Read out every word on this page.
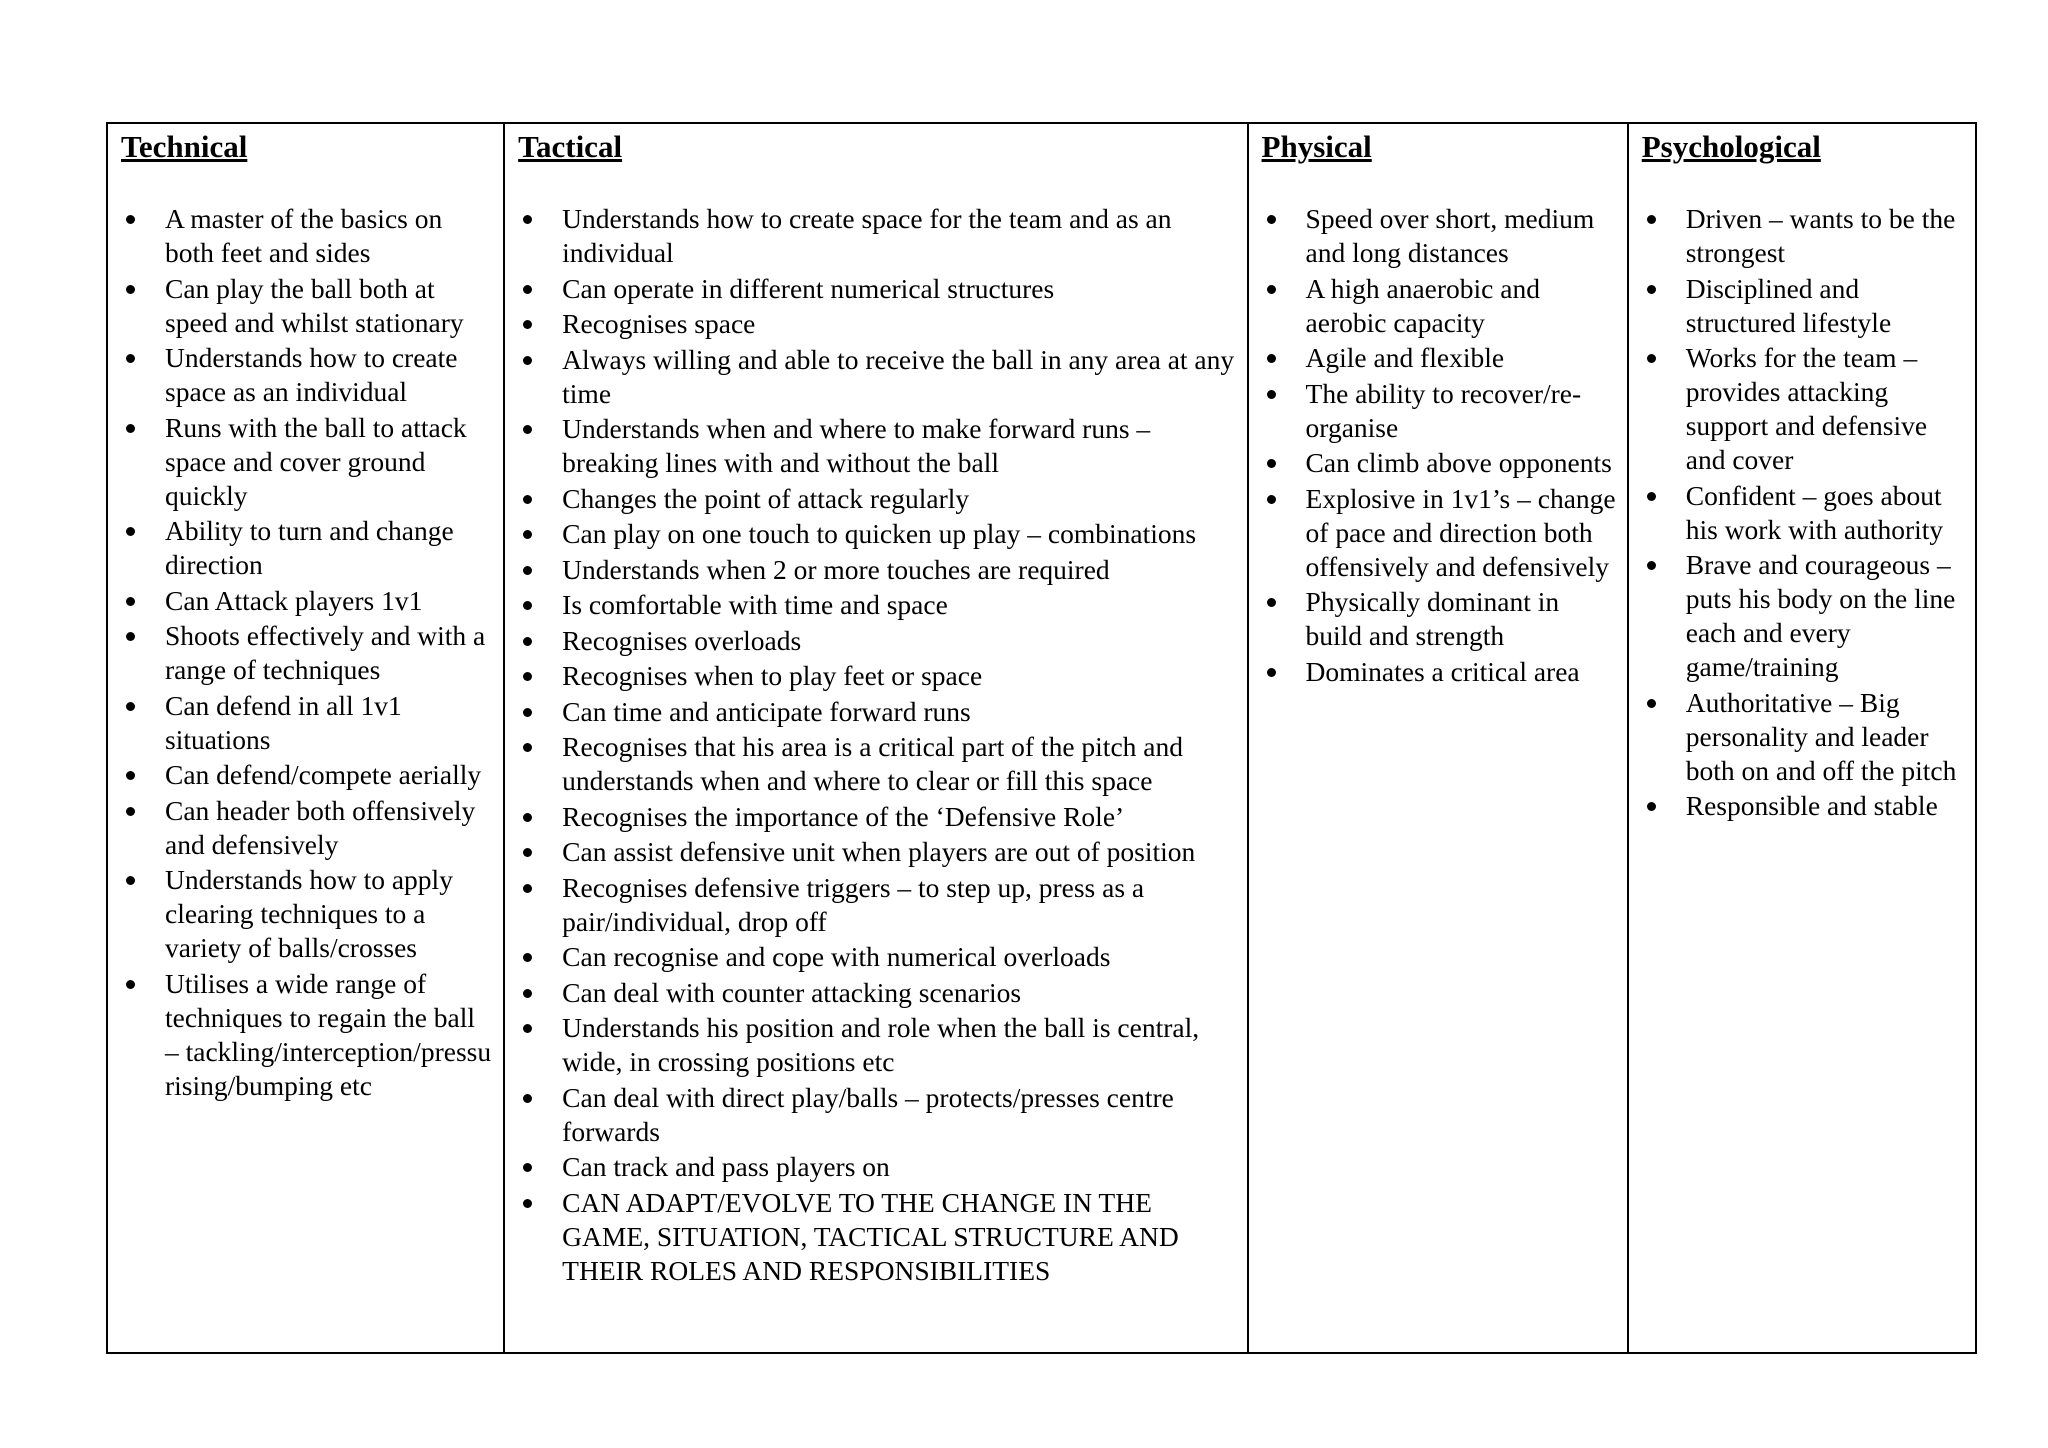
Technical
A master of the basics on both feet and sides
Can play the ball both at speed and whilst stationary
Understands how to create space as an individual
Runs with the ball to attack space and cover ground quickly
Ability to turn and change direction
Can Attack players 1v1
Shoots effectively and with a range of techniques
Can defend in all 1v1 situations
Can defend/compete aerially
Can header both offensively and defensively
Understands how to apply clearing techniques to a variety of balls/crosses
Utilises a wide range of techniques to regain the ball – tackling/interception/pressu rising/bumping etc
Tactical
Understands how to create space for the team and as an individual
Can operate in different numerical structures
Recognises space
Always willing and able to receive the ball in any area at any time
Understands when and where to make forward runs – breaking lines with and without the ball
Changes the point of attack regularly
Can play on one touch to quicken up play – combinations
Understands when 2 or more touches are required
Is comfortable with time and space
Recognises overloads
Recognises when to play feet or space
Can time and anticipate forward runs
Recognises that his area is a critical part of the pitch and understands when and where to clear or fill this space
Recognises the importance of the ‘Defensive Role’
Can assist defensive unit when players are out of position
Recognises defensive triggers – to step up, press as a pair/individual, drop off
Can recognise and cope with numerical overloads
Can deal with counter attacking scenarios
Understands his position and role when the ball is central, wide, in crossing positions etc
Can deal with direct play/balls – protects/presses centre forwards
Can track and pass players on
CAN ADAPT/EVOLVE TO THE CHANGE IN THE GAME, SITUATION, TACTICAL STRUCTURE AND THEIR ROLES AND RESPONSIBILITIES
Physical
Speed over short, medium and long distances
A high anaerobic and aerobic capacity
Agile and flexible
The ability to recover/re-organise
Can climb above opponents
Explosive in 1v1’s – change of pace and direction both offensively and defensively
Physically dominant in build and strength
Dominates a critical area
Psychological
Driven – wants to be the strongest
Disciplined and structured lifestyle
Works for the team – provides attacking support and defensive and cover
Confident – goes about his work with authority
Brave and courageous – puts his body on the line each and every game/training
Authoritative – Big personality and leader both on and off the pitch
Responsible and stable
